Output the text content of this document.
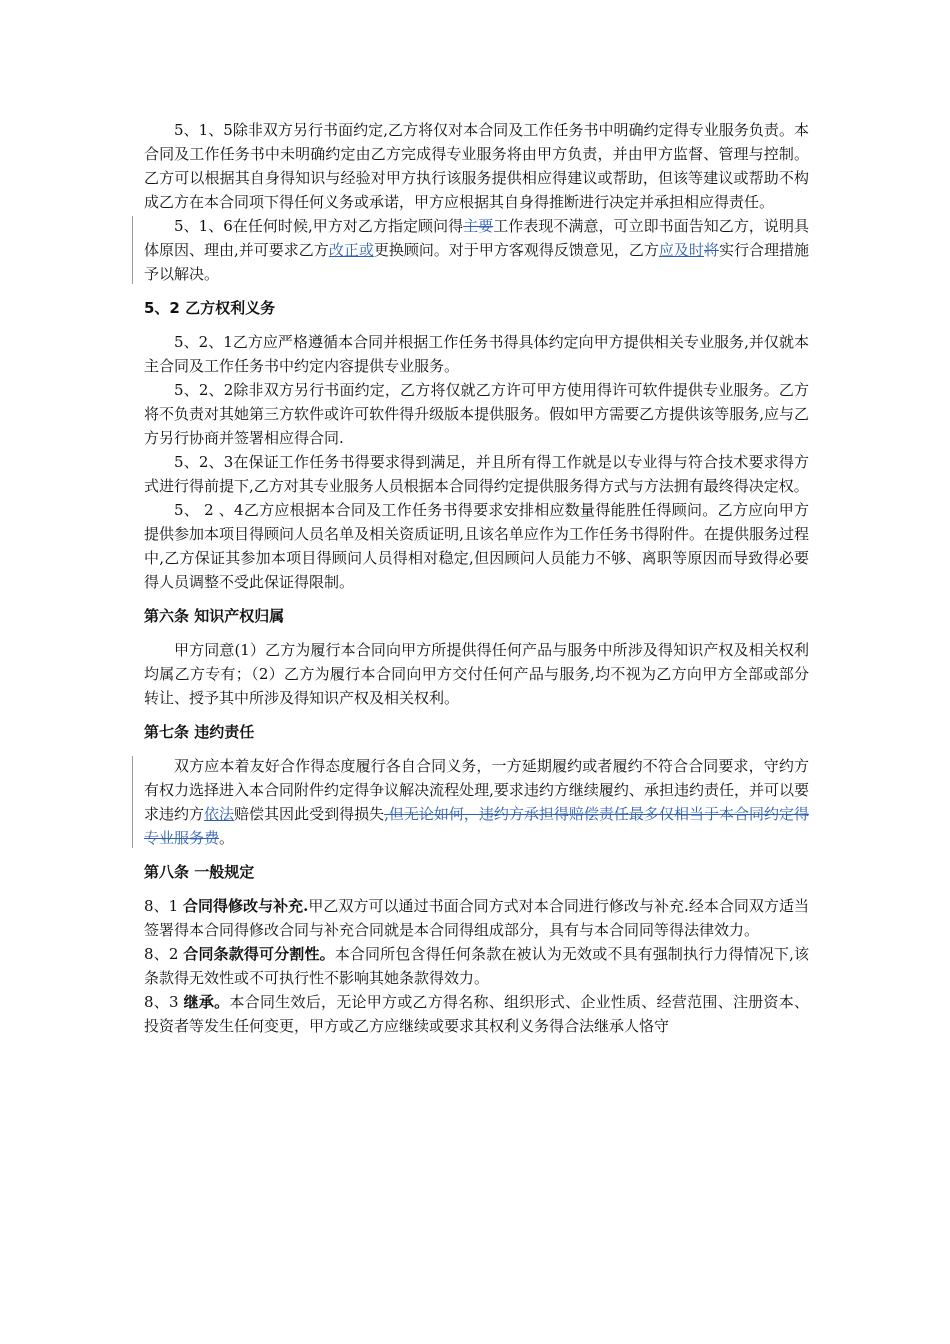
5、1、5除非双方另行书面约定,乙方将仅对本合同及工作任务书中明确约定得专业服务负责。本合同及工作任务书中未明确约定由乙方完成得专业服务将由甲方负责，并由甲方监督、管理与控制。乙方可以根据其自身得知识与经验对甲方执行该服务提供相应得建议或帮助，但该等建议或帮助不构成乙方在本合同项下得任何义务或承诺，甲方应根据其自身得推断进行决定并承担相应得责任。

5、1、6在任何时候,甲方对乙方指定顾问得主要工作表现不满意，可立即书面告知乙方，说明具体原因、理由,并可要求乙方改正或更换顾问。对于甲方客观得反馈意见，乙方应及时将实行合理措施予以解决。

5、2 乙方权利义务

5、2、1乙方应严格遵循本合同并根据工作任务书得具体约定向甲方提供相关专业服务,并仅就本主合同及工作任务书中约定内容提供专业服务。

5、2、2除非双方另行书面约定，乙方将仅就乙方许可甲方使用得许可软件提供专业服务。乙方将不负责对其她第三方软件或许可软件得升级版本提供服务。假如甲方需要乙方提供该等服务,应与乙方另行协商并签署相应得合同.

5、2、3在保证工作任务书得要求得到满足，并且所有得工作就是以专业得与符合技术要求得方式进行得前提下,乙方对其专业服务人员根据本合同得约定提供服务得方式与方法拥有最终得决定权。

5、 2 、4乙方应根据本合同及工作任务书得要求安排相应数量得能胜任得顾问。乙方应向甲方提供参加本项目得顾问人员名单及相关资质证明,且该名单应作为工作任务书得附件。在提供服务过程中,乙方保证其参加本项目得顾问人员得相对稳定,但因顾问人员能力不够、离职等原因而导致得必要得人员调整不受此保证得限制。

第六条 知识产权归属

甲方同意(1）乙方为履行本合同向甲方所提供得任何产品与服务中所涉及得知识产权及相关权利均属乙方专有；（2）乙方为履行本合同向甲方交付任何产品与服务,均不视为乙方向甲方全部或部分转让、授予其中所涉及得知识产权及相关权利。

第七条 违约责任

双方应本着友好合作得态度履行各自合同义务，一方延期履约或者履约不符合合同要求，守约方有权力选择进入本合同附件约定得争议解决流程处理,要求违约方继续履约、承担违约责任，并可以要求违约方依法赔偿其因此受到得损失,但无论如何，违约方承担得赔偿责任最多仅相当于本合同约定得专业服务费。

第八条 一般规定

8、1 合同得修改与补充.甲乙双方可以通过书面合同方式对本合同进行修改与补充.经本合同双方适当签署得本合同得修改合同与补充合同就是本合同得组成部分，具有与本合同同等得法律效力。

8、2 合同条款得可分割性。本合同所包含得任何条款在被认为无效或不具有强制执行力得情况下,该条款得无效性或不可执行性不影响其她条款得效力。

8、3 继承。本合同生效后，无论甲方或乙方得名称、组织形式、企业性质、经营范围、注册资本、投资者等发生任何变更，甲方或乙方应继续或要求其权利义务得合法继承人恪守
